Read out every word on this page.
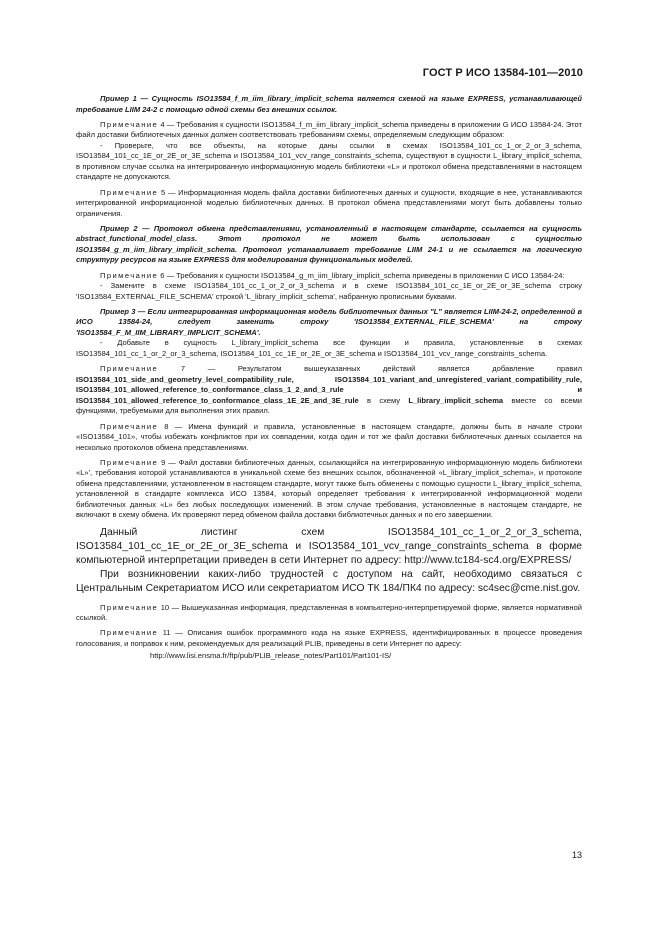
ГОСТ Р ИСО 13584-101—2010

Пример 1 — Сущность ISO13584_f_m_iim_library_implicit_schema является схемой на языке EXPRESS, устанавливающей требование LIIM 24-2 с помощью одной схемы без внешних ссылок.

Примечание 4 — Требования к сущности ISO13584_f_m_iim_library_implicit_schema приведены в приложении G ИСО 13584-24. Этот файл доставки библиотечных данных должен соответствовать требованиям схемы, определяемым следующим образом:

- Проверьте, что все объекты, на которые даны ссылки в схемах ISO13584_101_cc_1_or_2_or_3_schema, ISO13584_101_cc_1E_or_2E_or_3E_schema и ISO13584_101_vcv_range_constraints_schema, существуют в сущности L_library_implicit_schema, в противном случае ссылка на интегрированную информационную модель библиотеки «L» и протокол обмена представлениями в настоящем стандарте не допускаются.

Примечание 5 — Информационная модель файла доставки библиотечных данных и сущности, входящие в нее, устанавливаются интегрированной информационной моделью библиотечных данных. В протокол обмена представлениями могут быть добавлены только ограничения.

Пример 2 — Протокол обмена представлениями, установленный в настоящем стандарте, ссылается на сущность abstract_functional_model_class. Этот протокол не может быть использован с сущностью ISO13584_g_m_iim_library_implicit_schema. Протокол устанавливает требование LIIM 24-1 и не ссылается на логическую структуру ресурсов на языке EXPRESS для моделирования функциональных моделей.

Примечание 6 — Требования к сущности ISO13584_g_m_iim_library_implicit_schema приведены в приложении С ИСО 13584-24:

- Замените в схеме ISO13584_101_cc_1_or_2_or_3_schema и в схеме ISO13584_101_cc_1E_or_2E_or_3E_schema строку 'ISO13584_EXTERNAL_FILE_SCHEMA' строкой 'L_library_implicit_schema', набранную прописными буквами.

Пример 3 — Если интегрированная информационная модель библиотечных данных "L" является LIIM-24-2, определенной в ИСО 13584-24, следует заменить строку 'ISO13584_EXTERNAL_FILE_SCHEMA' на строку 'ISO13584_F_M_IIM_LIBRARY_IMPLICIT_SCHEMA'.

- Добавьте в сущность L_library_implicit_schema все функции и правила, установленные в схемах ISO13584_101_cc_1_or_2_or_3_schema, ISO13584_101_cc_1E_or_2E_or_3E_schema и ISO13584_101_vcv_range_constraints_schema.

Примечание 7 — Результатом вышеуказанных действий является добавление правил ISO13584_101_side_and_geometry_level_compatibility_rule, ISO13584_101_variant_and_unregistered_variant_compatibility_rule, ISO13584_101_allowed_reference_to_conformance_class_1_2_and_3_rule и ISO13584_101_allowed_reference_to_conformance_class_1E_2E_and_3E_rule в схему L_library_implicit_schema вместе со всеми функциями, требуемыми для выполнения этих правил.

Примечание 8 — Имена функций и правила, установленные в настоящем стандарте, должны быть в начале строки «ISO13584_101», чтобы избежать конфликтов при их совпадении, когда один и тот же файл доставки библиотечных данных ссылается на несколько протоколов обмена представлениями.

Примечание 9 — Файл доставки библиотечных данных, ссылающийся на интегрированную информационную модель библиотеки «L»', требования которой устанавливаются в уникальной схеме без внешних ссылок, обозначенной «L_library_implicit_schema», и протоколе обмена представлениями, установленном в настоящем стандарте, могут также быть обменены с помощью сущности L_library_implicit_schema, установленной в стандарте комплекса ИСО 13584, который определяет требования к интегрированной информационной модели библиотечных данных «L» без любых последующих изменений. В этом случае требования, установленные в настоящем стандарте, не включают в схему обмена. Их проверяют перед обменом файла доставки библиотечных данных и по его завершении.

Данный листинг схем ISO13584_101_cc_1_or_2_or_3_schema, ISO13584_101_cc_1E_or_2E_or_3E_schema и ISO13584_101_vcv_range_constraints_schema в форме компьютерной интерпретации приведен в сети Интернет по адресу: http://www.tc184-sc4.org/EXPRESS/

При возникновении каких-либо трудностей с доступом на сайт, необходимо связаться с Центральным Секретариатом ИСО или секретариатом ИСО ТК 184/ПК4 по адресу: sc4sec@cme.nist.gov.

Примечание 10 — Вышеуказанная информация, представленная в компьютерно-интерпретируемой форме, является нормативной ссылкой.

Примечание 11 — Описания ошибок программного кода на языке EXPRESS, идентифицированных в процессе проведения голосования, и поправок к ним, рекомендуемых для реализаций PLIB, приведены в сети Интернет по адресу:

http://www.lisi.ensma.fr/ftp/pub/PLIB_release_notes/Part101/Part101-IS/

13
